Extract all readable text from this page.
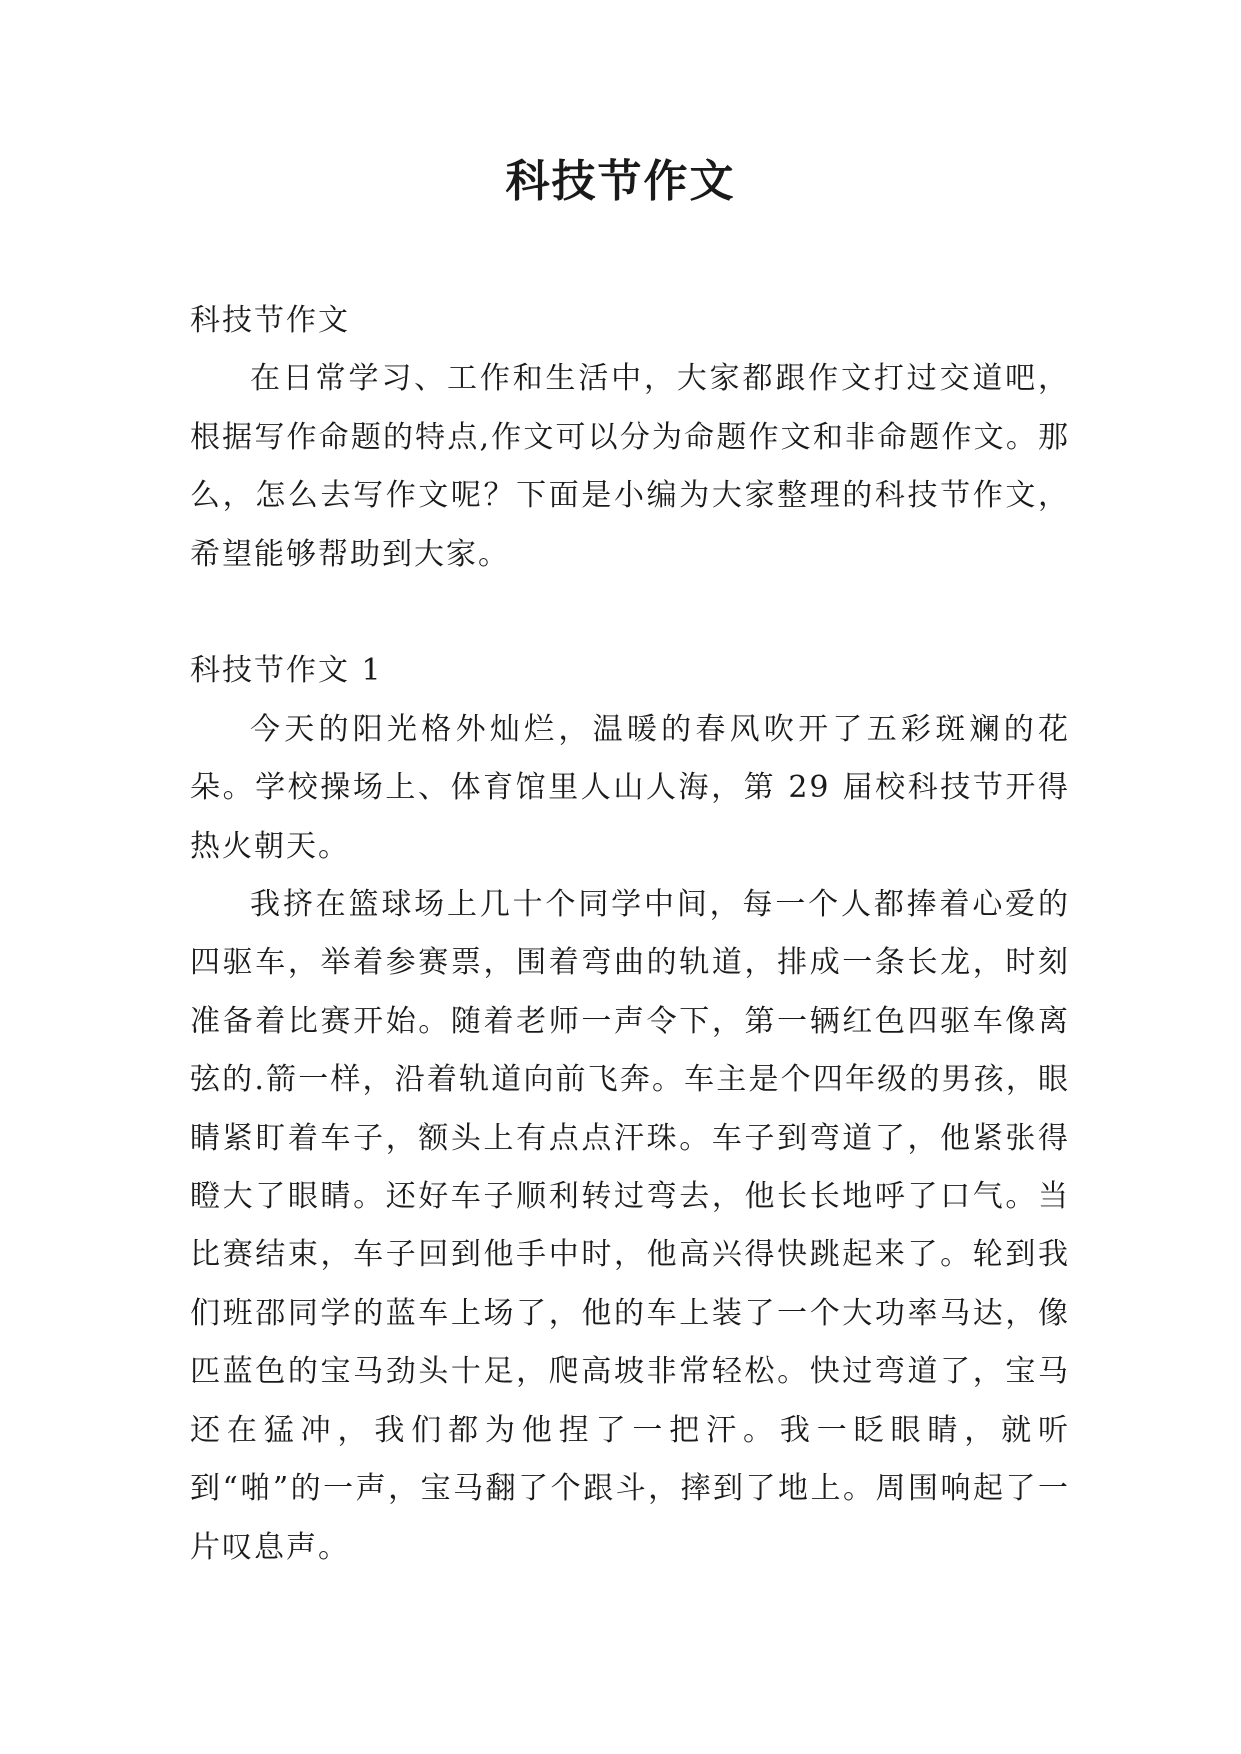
科技节作文

科技节作文

在日常学习、工作和生活中，大家都跟作文打过交道吧，根据写作命题的特点,作文可以分为命题作文和非命题作文。那么，怎么去写作文呢？下面是小编为大家整理的科技节作文，希望能够帮助到大家。

科技节作文 1

今天的阳光格外灿烂，温暖的春风吹开了五彩斑斓的花朵。学校操场上、体育馆里人山人海，第 29 届校科技节开得热火朝天。

我挤在篮球场上几十个同学中间，每一个人都捧着心爱的四驱车，举着参赛票，围着弯曲的轨道，排成一条长龙，时刻准备着比赛开始。随着老师一声令下，第一辆红色四驱车像离弦的.箭一样，沿着轨道向前飞奔。车主是个四年级的男孩，眼睛紧盯着车子，额头上有点点汗珠。车子到弯道了，他紧张得瞪大了眼睛。还好车子顺利转过弯去，他长长地呼了口气。当比赛结束，车子回到他手中时，他高兴得快跳起来了。轮到我们班邵同学的蓝车上场了，他的车上装了一个大功率马达，像匹蓝色的宝马劲头十足，爬高坡非常轻松。快过弯道了，宝马还在猛冲，我们都为他捏了一把汗。我一眨眼睛，就听到“啪”的一声，宝马翻了个跟斗，摔到了地上。周围响起了一片叹息声。
